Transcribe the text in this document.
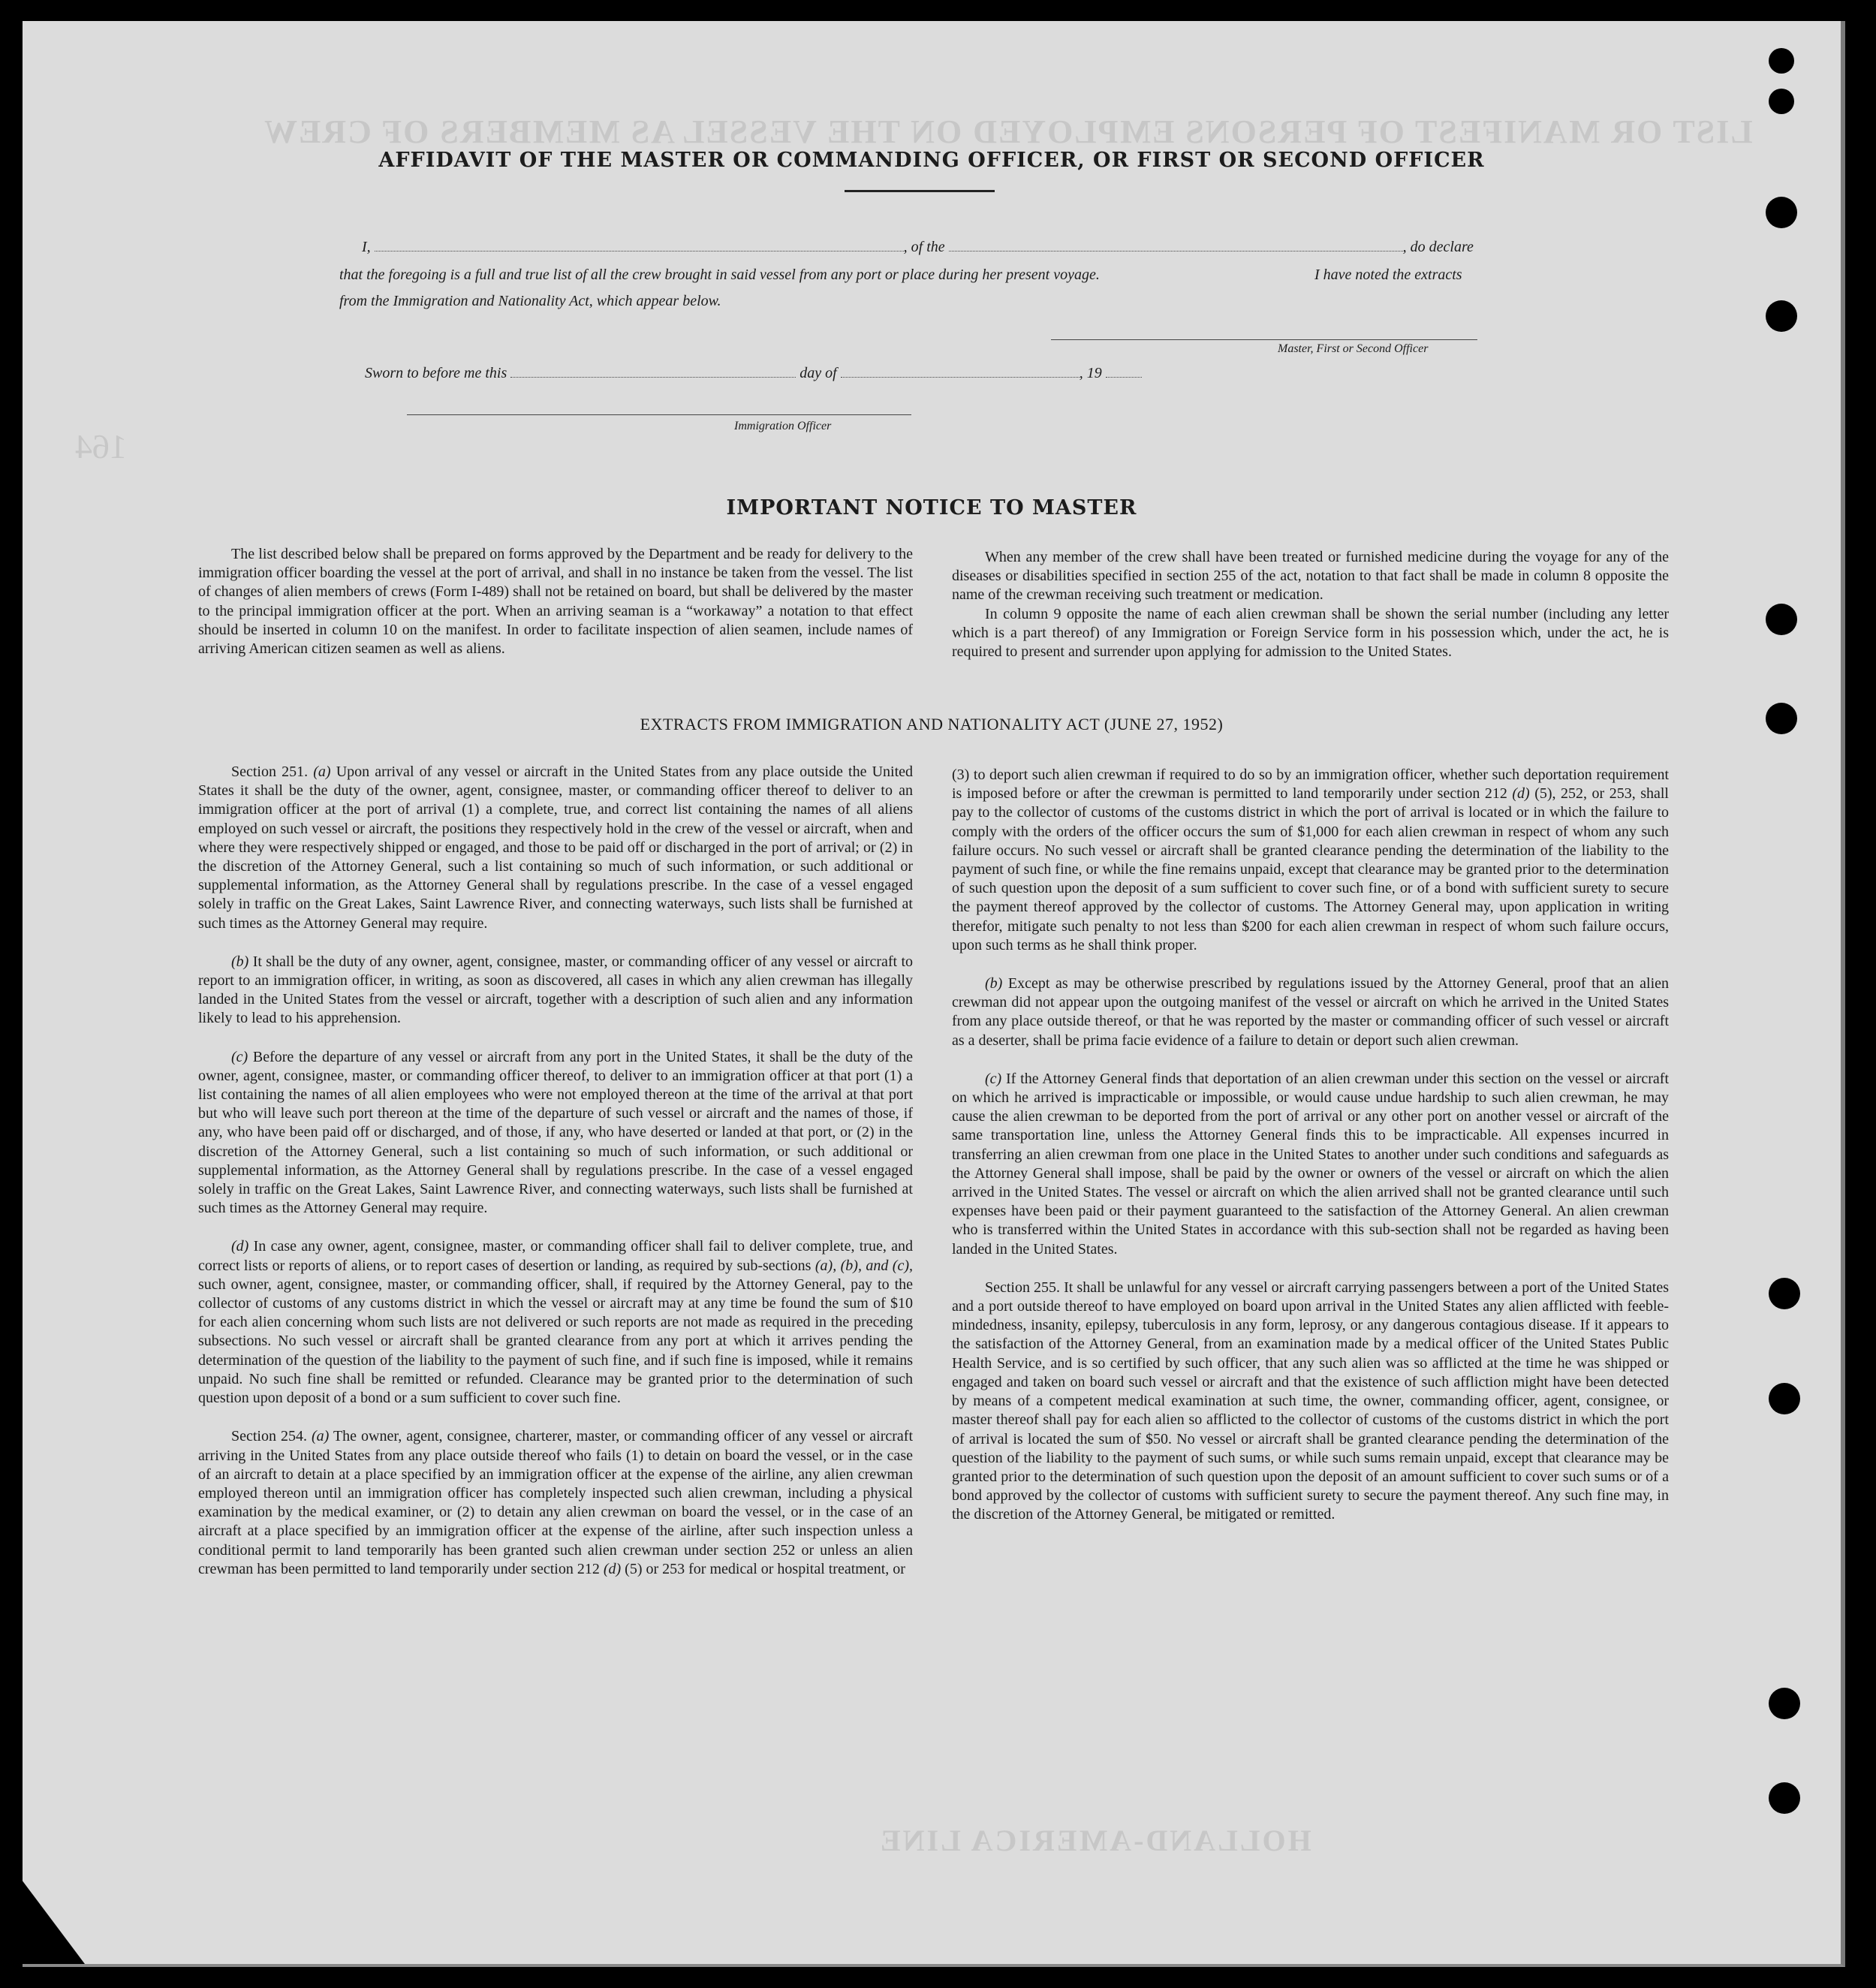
LIST OR MANIFEST OF PERSONS EMPLOYED ON THE VESSEL AS MEMBERS OF CREW
164
HOLLAND-AMERICA LINE
AFFIDAVIT OF THE MASTER OR COMMANDING OFFICER, OR FIRST OR SECOND OFFICER
I,	, of the	, do declare
that the foregoing is a full and true list of all the crew brought in said vessel from any port or place during her present voyage.	I have noted the extracts
from the Immigration and Nationality Act, which appear below.
Master, First or Second Officer
Sworn to before me this	day of	, 19
Immigration Officer
IMPORTANT NOTICE TO MASTER

The list described below shall be prepared on forms approved by the Department and be ready for delivery to the immigration officer boarding the vessel at the port of arrival, and shall in no instance be taken from the vessel. The list of changes of alien members of crews (Form I-489) shall not be retained on board, but shall be delivered by the master to the principal immigration officer at the port. When an arriving seaman is a “workaway” a notation to that effect should be inserted in column 10 on the manifest. In order to facilitate inspection of alien seamen, include names of arriving American citizen seamen as well as aliens.

When any member of the crew shall have been treated or furnished medicine during the voyage for any of the diseases or disabilities specified in section 255 of the act, notation to that fact shall be made in column 8 opposite the name of the crewman receiving such treatment or medication.

In column 9 opposite the name of each alien crewman shall be shown the serial number (including any letter which is a part thereof) of any Immigration or Foreign Service form in his possession which, under the act, he is required to present and surrender upon applying for admission to the United States.

EXTRACTS FROM IMMIGRATION AND NATIONALITY ACT (JUNE 27, 1952)

Section 251. (a) Upon arrival of any vessel or aircraft in the United States from any place outside the United States it shall be the duty of the owner, agent, consignee, master, or commanding officer thereof to deliver to an immigration officer at the port of arrival (1) a complete, true, and correct list containing the names of all aliens employed on such vessel or aircraft, the positions they respectively hold in the crew of the vessel or aircraft, when and where they were respectively shipped or engaged, and those to be paid off or discharged in the port of arrival; or (2) in the discretion of the Attorney General, such a list containing so much of such information, or such additional or supplemental information, as the Attorney General shall by regulations prescribe. In the case of a vessel engaged solely in traffic on the Great Lakes, Saint Lawrence River, and connecting waterways, such lists shall be furnished at such times as the Attorney General may require.

(b) It shall be the duty of any owner, agent, consignee, master, or commanding officer of any vessel or aircraft to report to an immigration officer, in writing, as soon as discovered, all cases in which any alien crewman has illegally landed in the United States from the vessel or aircraft, together with a description of such alien and any information likely to lead to his apprehension.

(c) Before the departure of any vessel or aircraft from any port in the United States, it shall be the duty of the owner, agent, consignee, master, or commanding officer thereof, to deliver to an immigration officer at that port (1) a list containing the names of all alien employees who were not employed thereon at the time of the arrival at that port but who will leave such port thereon at the time of the departure of such vessel or aircraft and the names of those, if any, who have been paid off or discharged, and of those, if any, who have deserted or landed at that port, or (2) in the discretion of the Attorney General, such a list containing so much of such information, or such additional or supplemental information, as the Attorney General shall by regulations prescribe. In the case of a vessel engaged solely in traffic on the Great Lakes, Saint Lawrence River, and connecting waterways, such lists shall be furnished at such times as the Attorney General may require.

(d) In case any owner, agent, consignee, master, or commanding officer shall fail to deliver complete, true, and correct lists or reports of aliens, or to report cases of desertion or landing, as required by sub-sections (a), (b), and (c), such owner, agent, consignee, master, or commanding officer, shall, if required by the Attorney General, pay to the collector of customs of any customs district in which the vessel or aircraft may at any time be found the sum of $10 for each alien concerning whom such lists are not delivered or such reports are not made as required in the preceding subsections. No such vessel or aircraft shall be granted clearance from any port at which it arrives pending the determination of the question of the liability to the payment of such fine, and if such fine is imposed, while it remains unpaid. No such fine shall be remitted or refunded. Clearance may be granted prior to the determination of such question upon deposit of a bond or a sum sufficient to cover such fine.

Section 254. (a) The owner, agent, consignee, charterer, master, or commanding officer of any vessel or aircraft arriving in the United States from any place outside thereof who fails (1) to detain on board the vessel, or in the case of an aircraft to detain at a place specified by an immigration officer at the expense of the airline, any alien crewman employed thereon until an immigration officer has completely inspected such alien crewman, including a physical examination by the medical examiner, or (2) to detain any alien crewman on board the vessel, or in the case of an aircraft at a place specified by an immigration officer at the expense of the airline, after such inspection unless a conditional permit to land temporarily has been granted such alien crewman under section 252 or unless an alien crewman has been permitted to land temporarily under section 212 (d) (5) or 253 for medical or hospital treatment, or

(3) to deport such alien crewman if required to do so by an immigration officer, whether such deportation requirement is imposed before or after the crewman is permitted to land temporarily under section 212 (d) (5), 252, or 253, shall pay to the collector of customs of the customs district in which the port of arrival is located or in which the failure to comply with the orders of the officer occurs the sum of $1,000 for each alien crewman in respect of whom any such failure occurs. No such vessel or aircraft shall be granted clearance pending the determination of the liability to the payment of such fine, or while the fine remains unpaid, except that clearance may be granted prior to the determination of such question upon the deposit of a sum sufficient to cover such fine, or of a bond with sufficient surety to secure the payment thereof approved by the collector of customs. The Attorney General may, upon application in writing therefor, mitigate such penalty to not less than $200 for each alien crewman in respect of whom such failure occurs, upon such terms as he shall think proper.

(b) Except as may be otherwise prescribed by regulations issued by the Attorney General, proof that an alien crewman did not appear upon the outgoing manifest of the vessel or aircraft on which he arrived in the United States from any place outside thereof, or that he was reported by the master or commanding officer of such vessel or aircraft as a deserter, shall be prima facie evidence of a failure to detain or deport such alien crewman.

(c) If the Attorney General finds that deportation of an alien crewman under this section on the vessel or aircraft on which he arrived is impracticable or impossible, or would cause undue hardship to such alien crewman, he may cause the alien crewman to be deported from the port of arrival or any other port on another vessel or aircraft of the same transportation line, unless the Attorney General finds this to be impracticable. All expenses incurred in transferring an alien crewman from one place in the United States to another under such conditions and safeguards as the Attorney General shall impose, shall be paid by the owner or owners of the vessel or aircraft on which the alien arrived in the United States. The vessel or aircraft on which the alien arrived shall not be granted clearance until such expenses have been paid or their payment guaranteed to the satisfaction of the Attorney General. An alien crewman who is transferred within the United States in accordance with this sub-section shall not be regarded as having been landed in the United States.

Section 255. It shall be unlawful for any vessel or aircraft carrying passengers between a port of the United States and a port outside thereof to have employed on board upon arrival in the United States any alien afflicted with feeble-mindedness, insanity, epilepsy, tuberculosis in any form, leprosy, or any dangerous contagious disease. If it appears to the satisfaction of the Attorney General, from an examination made by a medical officer of the United States Public Health Service, and is so certified by such officer, that any such alien was so afflicted at the time he was shipped or engaged and taken on board such vessel or aircraft and that the existence of such affliction might have been detected by means of a competent medical examination at such time, the owner, commanding officer, agent, consignee, or master thereof shall pay for each alien so afflicted to the collector of customs of the customs district in which the port of arrival is located the sum of $50. No vessel or aircraft shall be granted clearance pending the determination of the question of the liability to the payment of such sums, or while such sums remain unpaid, except that clearance may be granted prior to the determination of such question upon the deposit of an amount sufficient to cover such sums or of a bond approved by the collector of customs with sufficient surety to secure the payment thereof. Any such fine may, in the discretion of the Attorney General, be mitigated or remitted.
